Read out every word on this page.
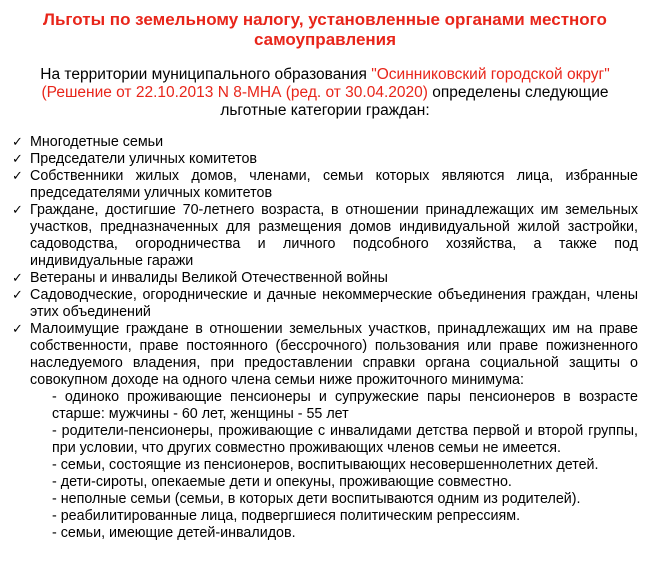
Льготы по земельному налогу, установленные органами местного самоуправления
На территории муниципального образования "Осинниковский городской округ"
(Решение от 22.10.2013 N 8-МНА (ред. от 30.04.2020) определены следующие льготные категории граждан:
✓ Многодетные семьи
✓ Председатели уличных комитетов
✓ Собственники жилых домов, членами, семьи которых являются лица, избранные председателями уличных комитетов
✓ Граждане, достигшие 70-летнего возраста, в отношении принадлежащих им земельных участков, предназначенных для размещения домов индивидуальной жилой застройки, садоводства, огородничества и личного подсобного хозяйства, а также под индивидуальные гаражи
✓ Ветераны и инвалиды Великой Отечественной войны
✓ Садоводческие, огороднические и дачные некоммерческие объединения граждан, члены этих объединений
✓ Малоимущие граждане в отношении земельных участков, принадлежащих им на праве собственности, праве постоянного (бессрочного) пользования или праве пожизненного наследуемого владения, при предоставлении справки органа социальной защиты о совокупном доходе на одного члена семьи ниже прожиточного минимума:
- одиноко проживающие пенсионеры и супружеские пары пенсионеров в возрасте старше: мужчины - 60 лет, женщины - 55 лет
- родители-пенсионеры, проживающие с инвалидами детства первой и второй группы, при условии, что других совместно проживающих членов семьи не имеется.
- семьи, состоящие из пенсионеров, воспитывающих несовершеннолетних детей.
- дети-сироты, опекаемые дети и опекуны, проживающие совместно.
- неполные семьи (семьи, в которых дети воспитываются одним из родителей).
- реабилитированные лица, подвергшиеся политическим репрессиям.
- семьи, имеющие детей-инвалидов.
